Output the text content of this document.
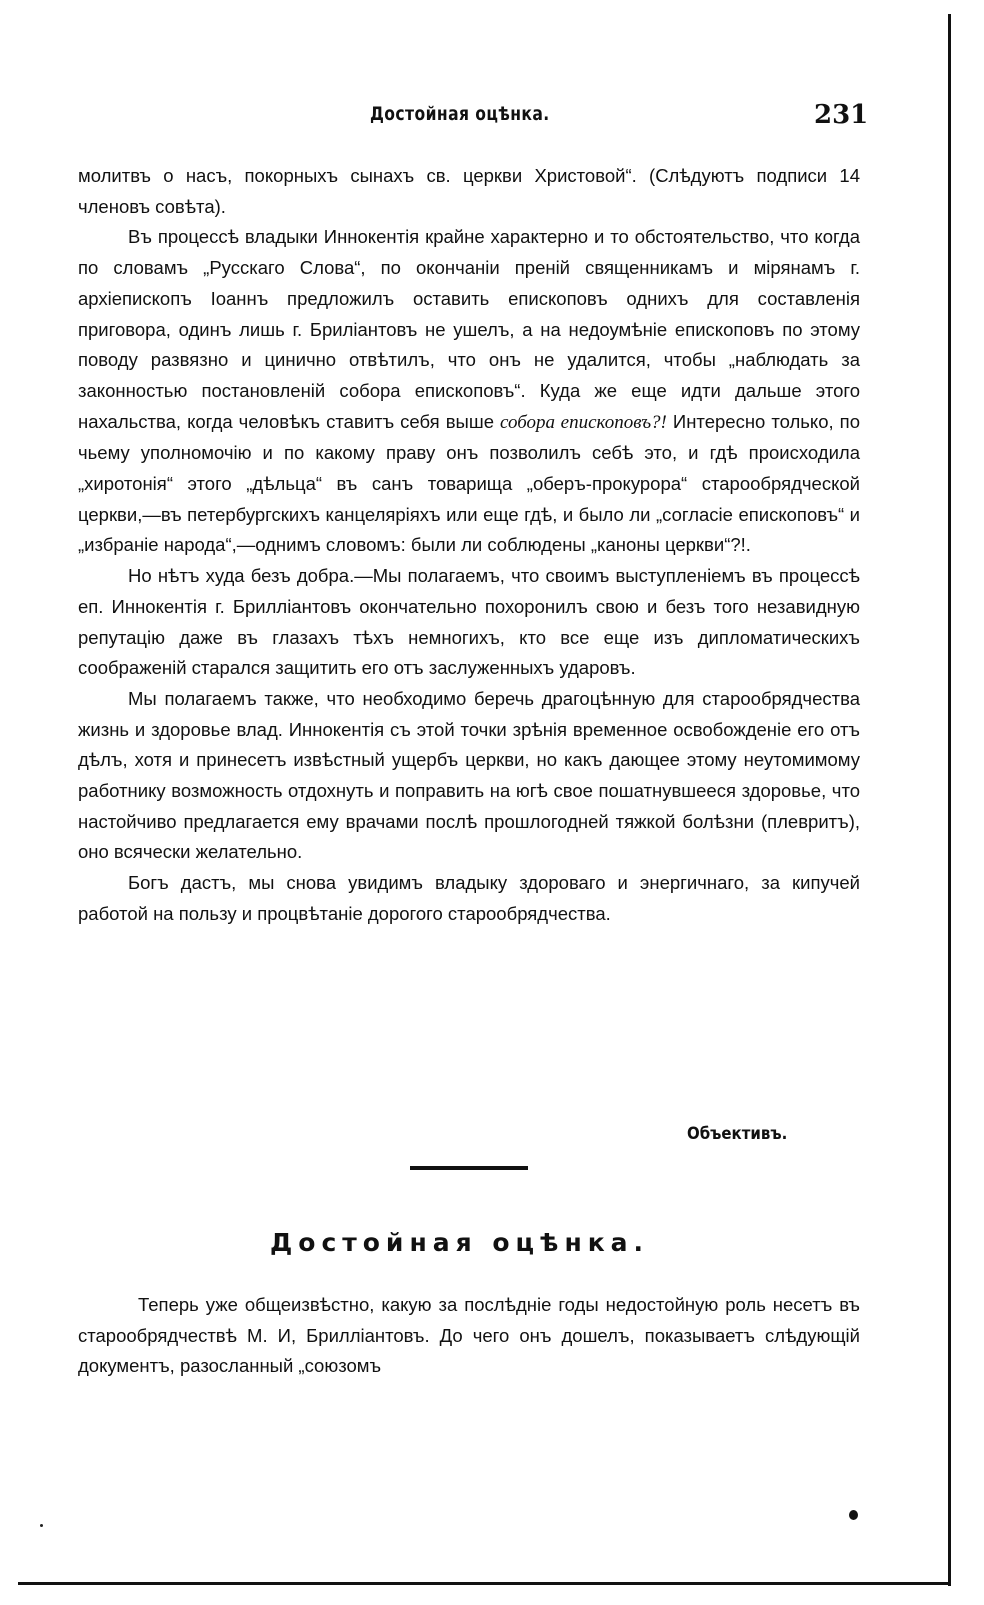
Достойная оцѣнка.	231

молитвъ о насъ, покорныхъ сынахъ св. церкви Христовой“. (Слѣдуютъ подписи 14 членовъ совѣта).

Въ процессѣ владыки Иннокентія крайне характерно и то обстоятельство, что когда по словамъ „Русскаго Слова“, по окончаніи преній священникамъ и мірянамъ г. архіепископъ Іоаннъ предложилъ оставить епископовъ однихъ для составленія приговора, одинъ лишь г. Бриліантовъ не ушелъ, а на недоумѣніе епископовъ по этому поводу развязно и цинично отвѣтилъ, что онъ не удалится, чтобы „наблюдать за законностью постановленій собора епископовъ“. Куда же еще идти дальше этого нахальства, когда человѣкъ ставитъ себя выше собора епископовъ?! Интересно только, по чьему уполномочію и по какому праву онъ позволилъ себѣ это, и гдѣ происходила „хиротонія“ этого „дѣльца“ въ санъ товарища „оберъ-прокурора“ старообрядческой церкви,—въ петербургскихъ канцеляріяхъ или еще гдѣ, и было ли „согласіе епископовъ“ и „избраніе народа“,—однимъ словомъ: были ли соблюдены „каноны церкви“?!.

Но нѣтъ худа безъ добра.—Мы полагаемъ, что своимъ выступленіемъ въ процессѣ еп. Иннокентія г. Брилліантовъ окончательно похоронилъ свою и безъ того незавидную репутацію даже въ глазахъ тѣхъ немногихъ, кто все еще изъ дипломатическихъ соображеній старался защитить его отъ заслуженныхъ ударовъ.

Мы полагаемъ также, что необходимо беречь драгоцѣнную для старообрядчества жизнь и здоровье влад. Иннокентія съ этой точки зрѣнія временное освобожденіе его отъ дѣлъ, хотя и принесетъ извѣстный ущербъ церкви, но какъ дающее этому неутомимому работнику возможность отдохнуть и поправить на югѣ свое пошатнувшееся здоровье, что настойчиво предлагается ему врачами послѣ прошлогодней тяжкой болѣзни (плевритъ), оно всячески желательно.

Богъ дастъ, мы снова увидимъ владыку здороваго и энергичнаго, за кипучей работой на пользу и процвѣтаніе дорогого старообрядчества.

Объективъ.
Достойная оцѣнка.

Теперь уже общеизвѣстно, какую за послѣдніе годы недостойную роль несетъ въ старообрядчествѣ М. И, Брилліантовъ. До чего онъ дошелъ, показываетъ слѣдующій документъ, разосланный „союзомъ
